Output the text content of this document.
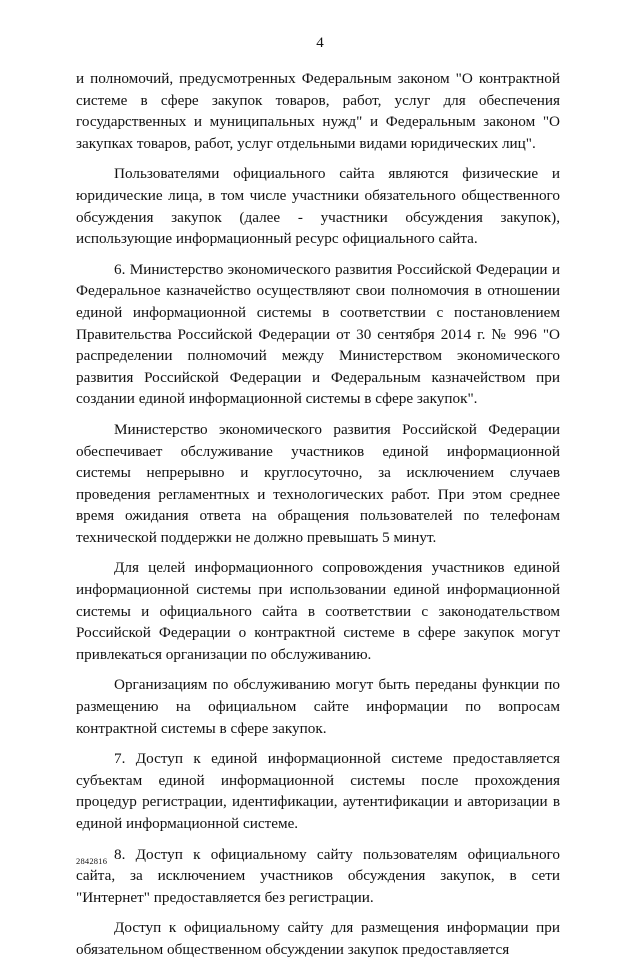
4

и полномочий, предусмотренных Федеральным законом "О контрактной системе в сфере закупок товаров, работ, услуг для обеспечения государственных и муниципальных нужд" и Федеральным законом "О закупках товаров, работ, услуг отдельными видами юридических лиц".

Пользователями официального сайта являются физические и юридические лица, в том числе участники обязательного общественного обсуждения закупок (далее - участники обсуждения закупок), использующие информационный ресурс официального сайта.

6. Министерство экономического развития Российской Федерации и Федеральное казначейство осуществляют свои полномочия в отношении единой информационной системы в соответствии с постановлением Правительства Российской Федерации от 30 сентября 2014 г. № 996 "О распределении полномочий между Министерством экономического развития Российской Федерации и Федеральным казначейством при создании единой информационной системы в сфере закупок".

Министерство экономического развития Российской Федерации обеспечивает обслуживание участников единой информационной системы непрерывно и круглосуточно, за исключением случаев проведения регламентных и технологических работ. При этом среднее время ожидания ответа на обращения пользователей по телефонам технической поддержки не должно превышать 5 минут.

Для целей информационного сопровождения участников единой информационной системы при использовании единой информационной системы и официального сайта в соответствии с законодательством Российской Федерации о контрактной системе в сфере закупок могут привлекаться организации по обслуживанию.

Организациям по обслуживанию могут быть переданы функции по размещению на официальном сайте информации по вопросам контрактной системы в сфере закупок.

7. Доступ к единой информационной системе предоставляется субъектам единой информационной системы после прохождения процедур регистрации, идентификации, аутентификации и авторизации в единой информационной системе.

8. Доступ к официальному сайту пользователям официального сайта, за исключением участников обсуждения закупок, в сети "Интернет" предоставляется без регистрации.

Доступ к официальному сайту для размещения информации при обязательном общественном обсуждении закупок предоставляется

2842816
